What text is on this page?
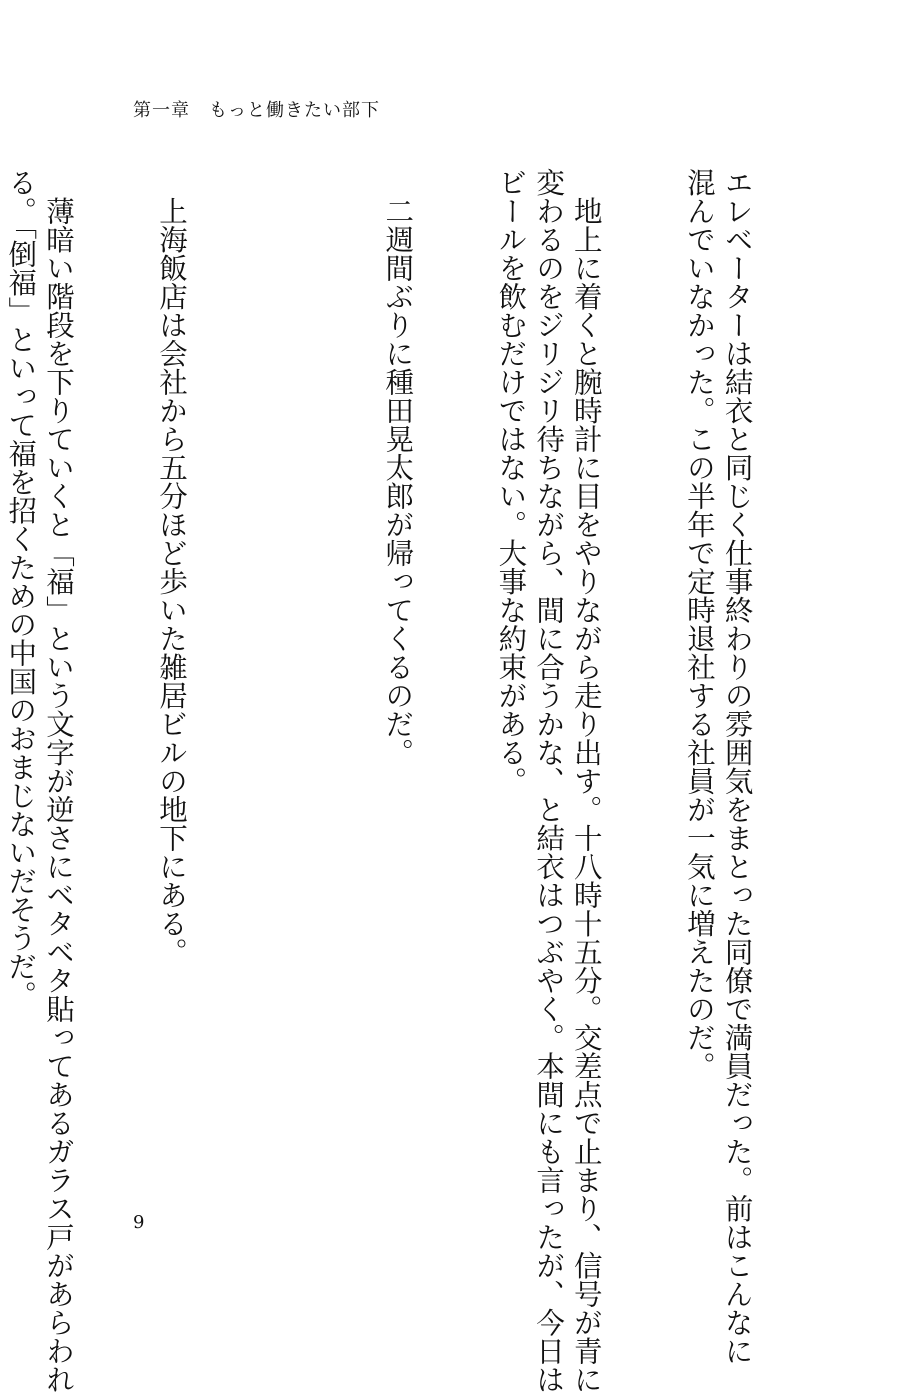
第一章　もっと働きたい部下

エレベーターは結衣と同じく仕事終わりの雰囲気をまとった同僚で満員だった。前はこんなに
混んでいなかった。この半年で定時退社する社員が一気に増えたのだ。

　地上に着くと腕時計に目をやりながら走り出す。十八時十五分。交差点で止まり、信号が青に
変わるのをジリジリ待ちながら、間に合うかな、と結衣はつぶやく。本間にも言ったが、今日は
ビールを飲むだけではない。大事な約束がある。

　二週間ぶりに種田晃太郎が帰ってくるのだ。

　上海飯店は会社から五分ほど歩いた雑居ビルの地下にある。

　薄暗い階段を下りていくと「福」という文字が逆さにベタベタ貼ってあるガラス戸があらわれ
る。「倒福」といって福を招くための中国のおまじないだそうだ。

9
